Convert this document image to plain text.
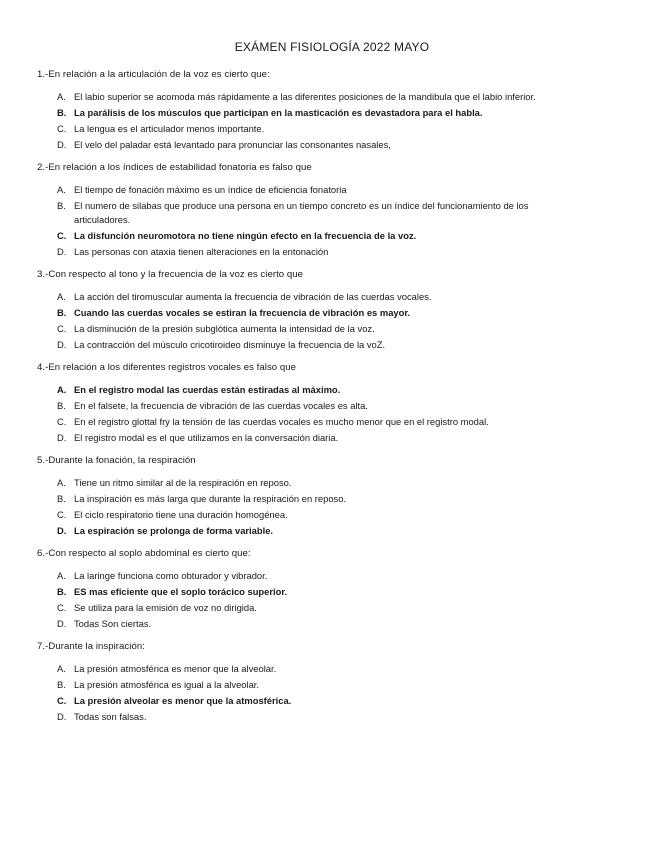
EXÁMEN FISIOLOGÍA 2022 MAYO
1.-En relación a la articulación de la voz es cierto que:
A. El labio superior se acomoda más rápidamente a las diferentes posiciones de la mandibula que el labio inferior.
B. La parálisis de los músculos que participan en la masticación es devastadora para el habla.
C. La lengua es el articulador menos importante.
D. El velo del paladar está levantado para pronunciar las consonantes nasales,
2.-En relación a los índices de estabilidad fonatoria es falso que
A. El tiempo de fonación máximo es un índice de eficiencia fonatoria
B. El numero de silabas que produce una persona en un tiempo concreto es un índice del funcionamiento de los articuladores.
C. La disfunción neuromotora no tiene ningún efecto en la frecuencia de la voz.
D. Las personas con ataxia tienen alteraciones en la entonación
3.-Con respecto al tono y la frecuencia de la voz es cierto que
A. La acción del tiromuscular aumenta la frecuencia de vibración de las cuerdas vocales.
B. Cuando las cuerdas vocales se estiran la frecuencia de vibración es mayor.
C. La disminución de la presión subglótica aumenta la intensidad de la voz.
D. La contracción del músculo cricotiroideo disminuye la frecuencia de la voZ.
4.-En relación a los diferentes registros vocales es falso que
A. En el registro modal las cuerdas están estiradas al máximo.
B. En el falsete, la frecuencia de vibración de las cuerdas vocales es alta.
C. En el registro glottal fry la tensión de las cuerdas vocales es mucho menor que en el registro modal.
D. El registro modal es el que utilizamos en la conversación diaria.
5.-Durante la fonación, la respiración
A. Tiene un ritmo similar al de la respiración en reposo.
B. La inspiración es más larga que durante la respiración en reposo.
C. El ciclo respiratorio tiene una duración homogénea.
D. La espiración se prolonga de forma variable.
6.-Con respecto al soplo abdominal es cierto que:
A. La laringe funciona como obturador y vibrador.
B. ES mas eficiente que el soplo torácico superior.
C. Se utiliza para la emisión de voz no dirigida.
D. Todas Son ciertas.
7.-Durante la inspiración:
A. La presión atmosférica es menor que la alveolar.
B. La presión atmosférica es igual a la alveolar.
C. La presión alveolar es menor que la atmosférica.
D. Todas son falsas.
